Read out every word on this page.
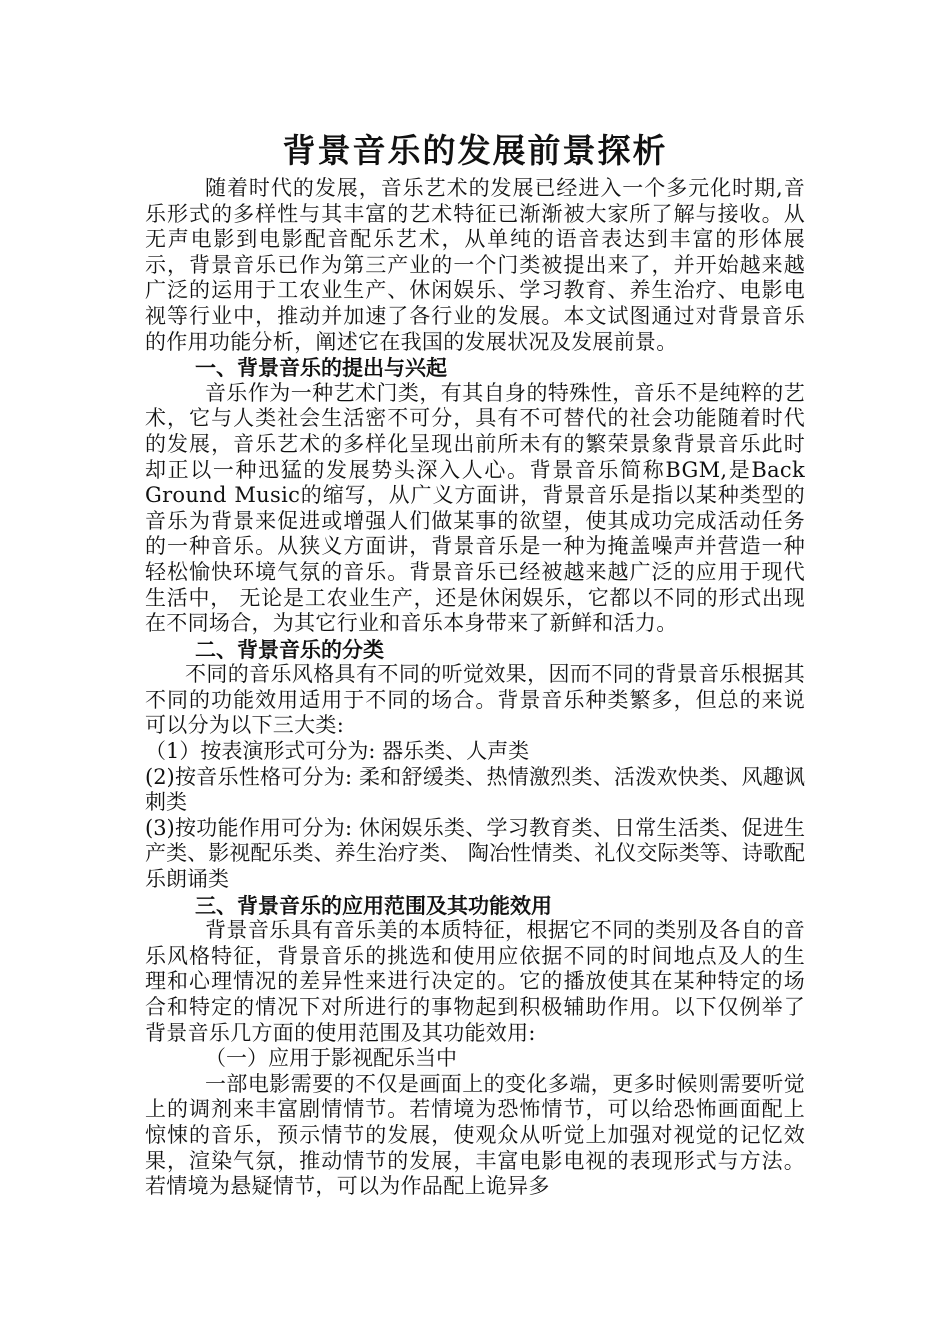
背景音乐的发展前景探析

随着时代的发展，音乐艺术的发展已经进入一个多元化时期,音乐形式的多样性与其丰富的艺术特征已渐渐被大家所了解与接收。从无声电影到电影配音配乐艺术，从单纯的语音表达到丰富的形体展示，背景音乐已作为第三产业的一个门类被提出来了，并开始越来越广泛的运用于工农业生产、休闲娱乐、学习教育、养生治疗、电影电视等行业中，推动并加速了各行业的发展。本文试图通过对背景音乐的作用功能分析，阐述它在我国的发展状况及发展前景。

一、背景音乐的提出与兴起

音乐作为一种艺术门类，有其自身的特殊性，音乐不是纯粹的艺术，它与人类社会生活密不可分，具有不可替代的社会功能随着时代的发展，音乐艺术的多样化呈现出前所未有的繁荣景象背景音乐此时却正以一种迅猛的发展势头深入人心。背景音乐简称BGM,是Back Ground Music的缩写，从广义方面讲，背景音乐是指以某种类型的音乐为背景来促进或增强人们做某事的欲望，使其成功完成活动任务的一种音乐。从狭义方面讲，背景音乐是一种为掩盖噪声并营造一种轻松愉快环境气氛的音乐。背景音乐已经被越来越广泛的应用于现代生活中， 无论是工农业生产，还是休闲娱乐，它都以不同的形式出现在不同场合，为其它行业和音乐本身带来了新鲜和活力。

二、背景音乐的分类

不同的音乐风格具有不同的听觉效果，因而不同的背景音乐根据其不同的功能效用适用于不同的场合。背景音乐种类繁多，但总的来说可以分为以下三大类:

（1）按表演形式可分为: 器乐类、人声类

(2)按音乐性格可分为: 柔和舒缓类、热情激烈类、活泼欢快类、风趣讽刺类

(3)按功能作用可分为: 休闲娱乐类、学习教育类、日常生活类、促进生产类、影视配乐类、养生治疗类、 陶冶性情类、礼仪交际类等、诗歌配乐朗诵类

三、背景音乐的应用范围及其功能效用

背景音乐具有音乐美的本质特征，根据它不同的类别及各自的音乐风格特征，背景音乐的挑选和使用应依据不同的时间地点及人的生理和心理情况的差异性来进行决定的。它的播放使其在某种特定的场合和特定的情况下对所进行的事物起到积极辅助作用。以下仅例举了背景音乐几方面的使用范围及其功能效用:

（一）应用于影视配乐当中

一部电影需要的不仅是画面上的变化多端，更多时候则需要听觉上的调剂来丰富剧情情节。若情境为恐怖情节，可以给恐怖画面配上惊悚的音乐，预示情节的发展，使观众从听觉上加强对视觉的记忆效果，渲染气氛，推动情节的发展，丰富电影电视的表现形式与方法。若情境为悬疑情节，可以为作品配上诡异多
